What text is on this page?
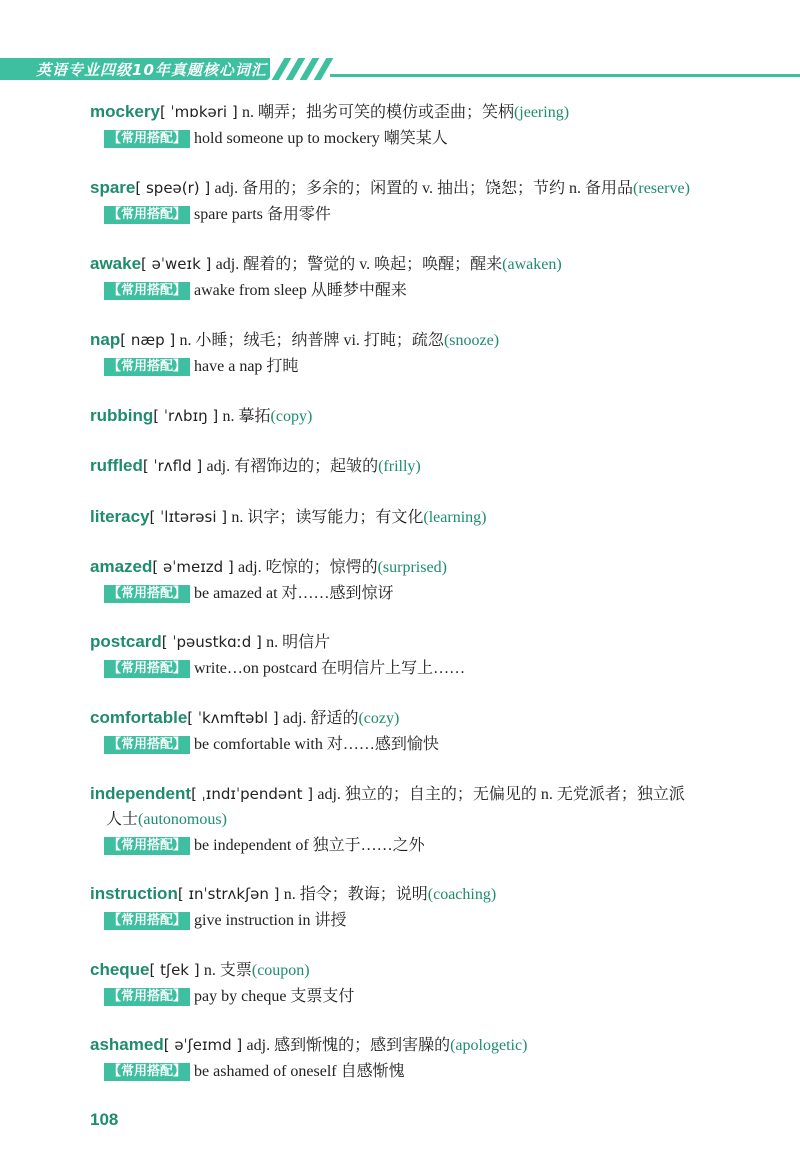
英语专业四级10年真题核心词汇
mockery[ ˈmɒkəri ] n. 嘲弄；拙劣可笑的模仿或歪曲；笑柄(jeering)
【常用搭配】 hold someone up to mockery 嘲笑某人
spare[ speə(r) ] adj. 备用的；多余的；闲置的 v. 抽出；饶恕；节约 n. 备用品(reserve)
【常用搭配】 spare parts 备用零件
awake[ əˈweɪk ] adj. 醒着的；警觉的 v. 唤起；唤醒；醒来(awaken)
【常用搭配】 awake from sleep 从睡梦中醒来
nap[ næp ] n. 小睡；绒毛；纳普牌 vi. 打盹；疏忽(snooze)
【常用搭配】 have a nap 打盹
rubbing[ ˈrʌbɪŋ ] n. 摹拓(copy)
ruffled[ ˈrʌfld ] adj. 有褶饰边的；起皱的(frilly)
literacy[ ˈlɪtərəsi ] n. 识字；读写能力；有文化(learning)
amazed[ əˈmeɪzd ] adj. 吃惊的；惊愕的(surprised)
【常用搭配】 be amazed at 对……感到惊讶
postcard[ ˈpəustkɑːd ] n. 明信片
【常用搭配】 write…on postcard 在明信片上写上……
comfortable[ ˈkʌmftəbl ] adj. 舒适的(cozy)
【常用搭配】 be comfortable with 对……感到愉快
independent[ ˌɪndɪˈpendənt ] adj. 独立的；自主的；无偏见的 n. 无党派者；独立派
人士(autonomous)
【常用搭配】 be independent of 独立于……之外
instruction[ ɪnˈstrʌkʃən ] n. 指令；教诲；说明(coaching)
【常用搭配】 give instruction in 讲授
cheque[ tʃek ] n. 支票(coupon)
【常用搭配】 pay by cheque 支票支付
ashamed[ əˈʃeɪmd ] adj. 感到惭愧的；感到害臊的(apologetic)
【常用搭配】 be ashamed of oneself 自感惭愧
108
